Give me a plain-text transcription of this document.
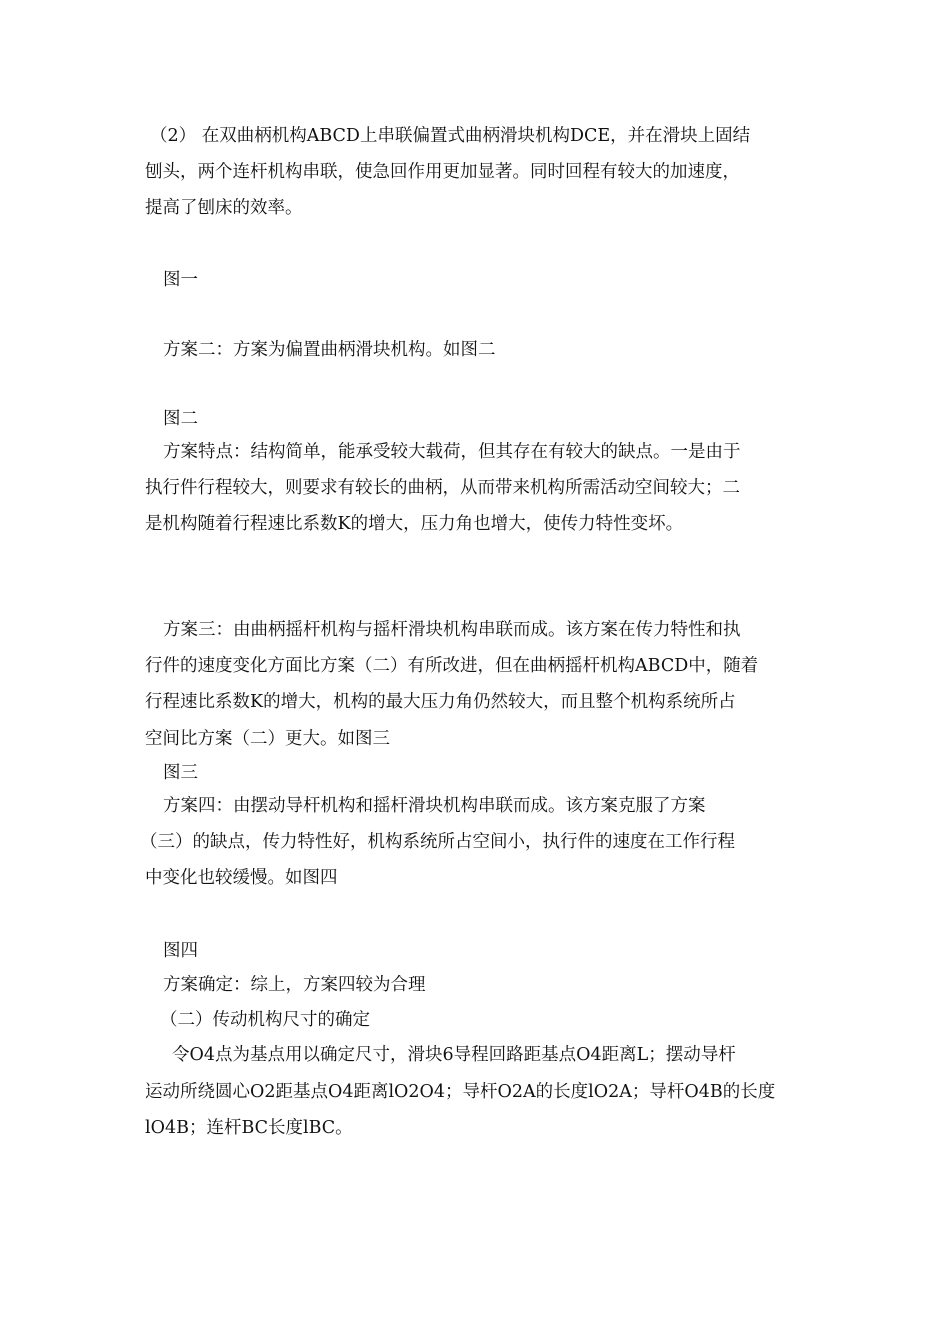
（2） 在双曲柄机构ABCD上串联偏置式曲柄滑块机构DCE，并在滑块上固结
刨头，两个连杆机构串联，使急回作用更加显著。同时回程有较大的加速度，
提高了刨床的效率。
图一
方案二：方案为偏置曲柄滑块机构。如图二
图二
方案特点：结构简单，能承受较大载荷，但其存在有较大的缺点。一是由于
执行件行程较大，则要求有较长的曲柄，从而带来机构所需活动空间较大；二
是机构随着行程速比系数K的增大，压力角也增大，使传力特性变坏。
方案三：由曲柄摇杆机构与摇杆滑块机构串联而成。该方案在传力特性和执
行件的速度变化方面比方案（二）有所改进，但在曲柄摇杆机构ABCD中，随着
行程速比系数K的增大，机构的最大压力角仍然较大，而且整个机构系统所占
空间比方案（二）更大。如图三
图三
方案四：由摆动导杆机构和摇杆滑块机构串联而成。该方案克服了方案
（三）的缺点，传力特性好，机构系统所占空间小，执行件的速度在工作行程
中变化也较缓慢。如图四
图四
方案确定：综上，方案四较为合理
（二）传动机构尺寸的确定
令O4点为基点用以确定尺寸，滑块6导程回路距基点O4距离L；摆动导杆
运动所绕圆心O2距基点O4距离lO2O4；导杆O2A的长度lO2A；导杆O4B的长度
lO4B；连杆BC长度lBC。
